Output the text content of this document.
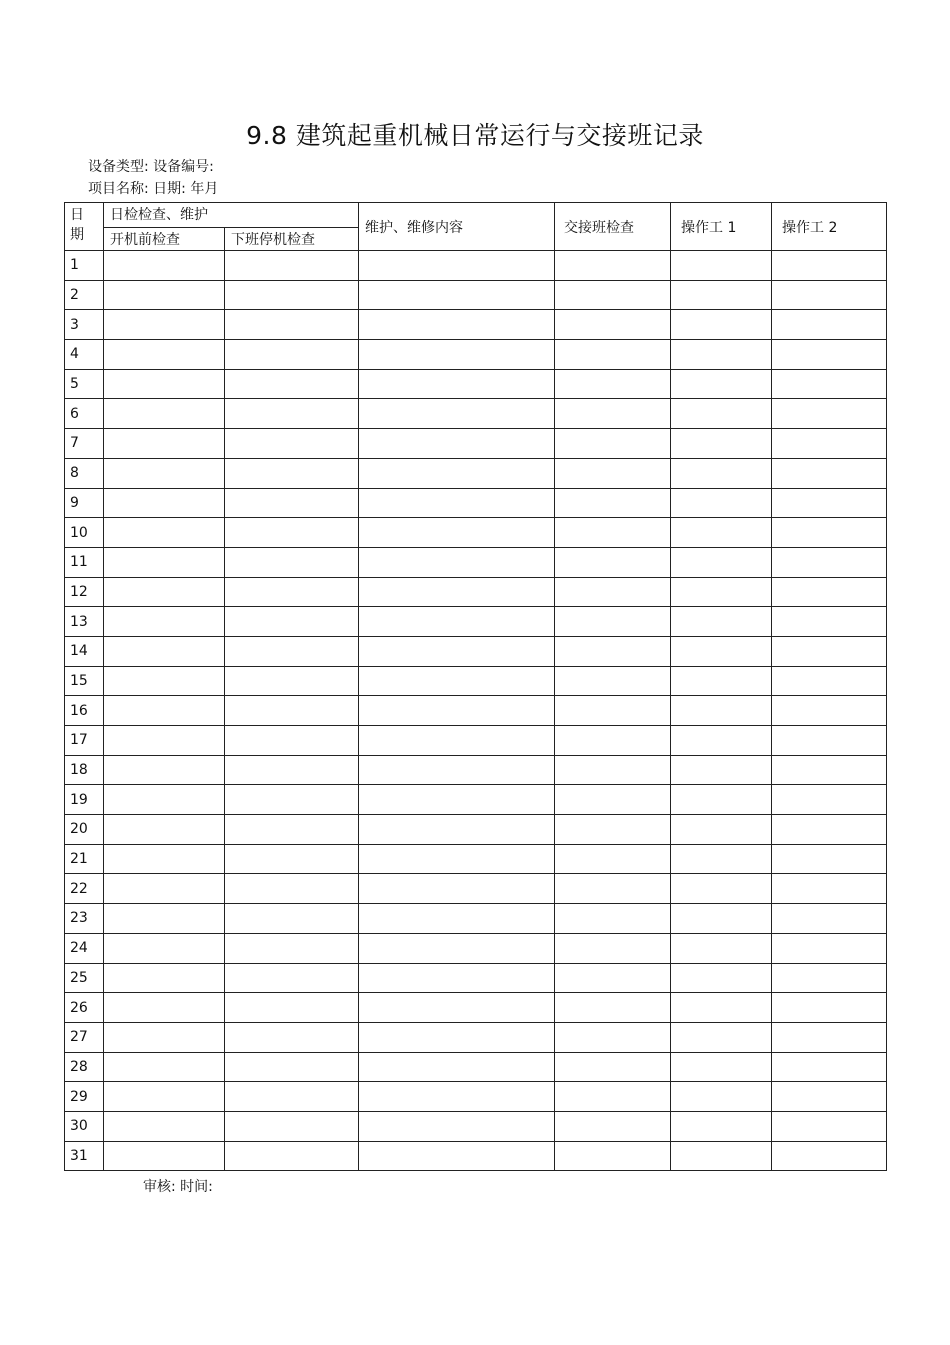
9.8 建筑起重机械日常运行与交接班记录
设备类型: 设备编号:
项目名称: 日期: 年月
日
期	日检检查、维护		维护、维修内容	交接班检查	操作工 1	操作工 2
	开机前检查	下班停机检查				
1						
2						
3						
4						
5						
6						
7						
8						
9						
10						
11						
12						
13						
14						
15						
16						
17						
18						
19						
20						
21						
22						
23						
24						
25						
26						
27						
28						
29						
30						
31						
审核: 时间:
